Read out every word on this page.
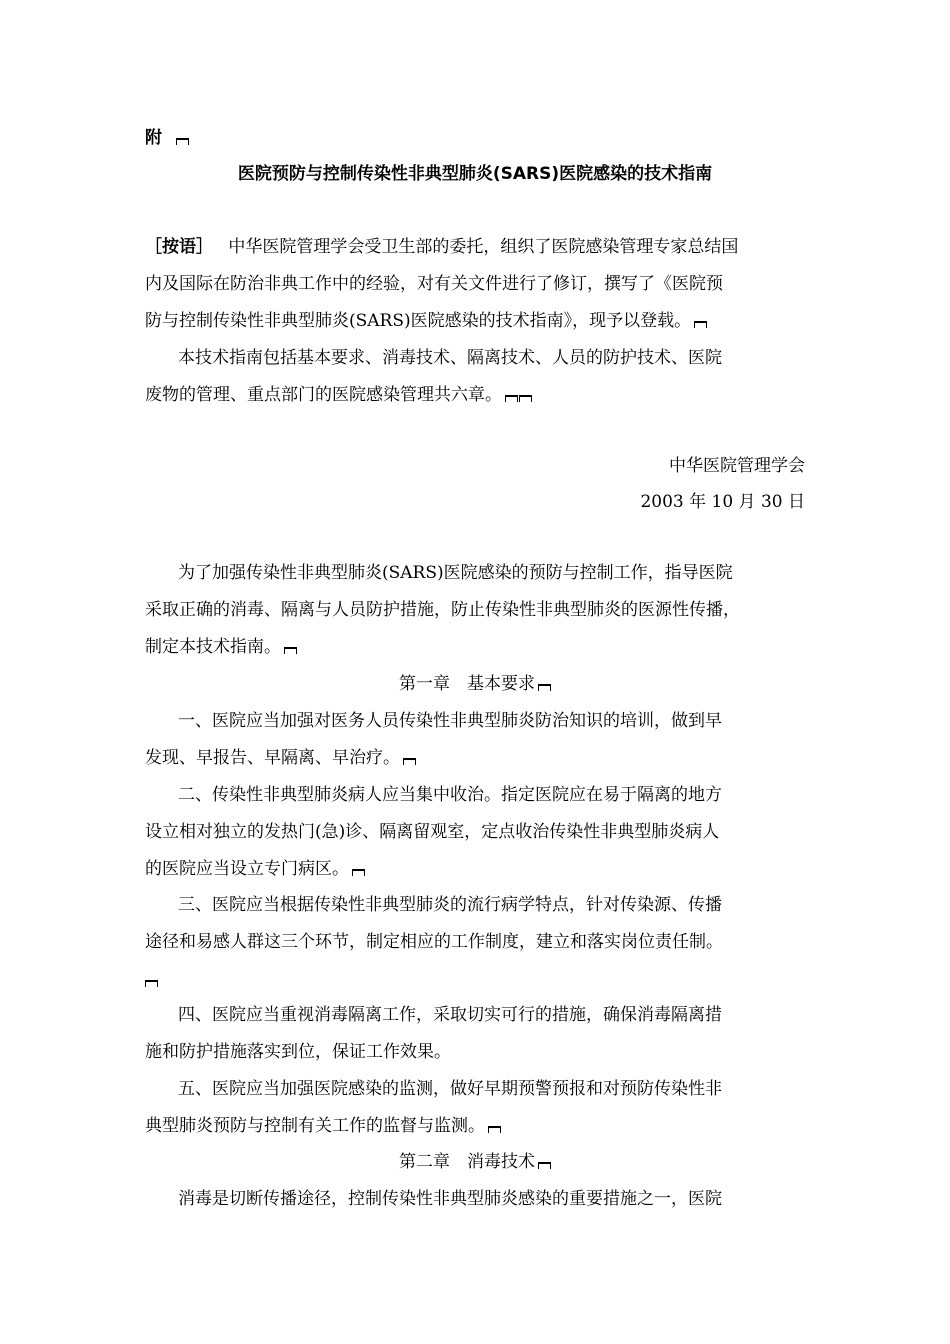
附
医院预防与控制传染性非典型肺炎(SARS)医院感染的技术指南
［按语］ 中华医院管理学会受卫生部的委托，组织了医院感染管理专家总结国
内及国际在防治非典工作中的经验，对有关文件进行了修订，撰写了《医院预
防与控制传染性非典型肺炎(SARS)医院感染的技术指南》，现予以登载。
本技术指南包括基本要求、消毒技术、隔离技术、人员的防护技术、医院
废物的管理、重点部门的医院感染管理共六章。
中华医院管理学会
2003 年 10 月 30 日
为了加强传染性非典型肺炎(SARS)医院感染的预防与控制工作，指导医院
采取正确的消毒、隔离与人员防护措施，防止传染性非典型肺炎的医源性传播，
制定本技术指南。
第一章　基本要求
一、医院应当加强对医务人员传染性非典型肺炎防治知识的培训，做到早
发现、早报告、早隔离、早治疗。
二、传染性非典型肺炎病人应当集中收治。指定医院应在易于隔离的地方
设立相对独立的发热门(急)诊、隔离留观室，定点收治传染性非典型肺炎病人
的医院应当设立专门病区。
三、医院应当根据传染性非典型肺炎的流行病学特点，针对传染源、传播
途径和易感人群这三个环节，制定相应的工作制度，建立和落实岗位责任制。
四、医院应当重视消毒隔离工作，采取切实可行的措施，确保消毒隔离措
施和防护措施落实到位，保证工作效果。
五、医院应当加强医院感染的监测，做好早期预警预报和对预防传染性非
典型肺炎预防与控制有关工作的监督与监测。
第二章　消毒技术
消毒是切断传播途径，控制传染性非典型肺炎感染的重要措施之一，医院
